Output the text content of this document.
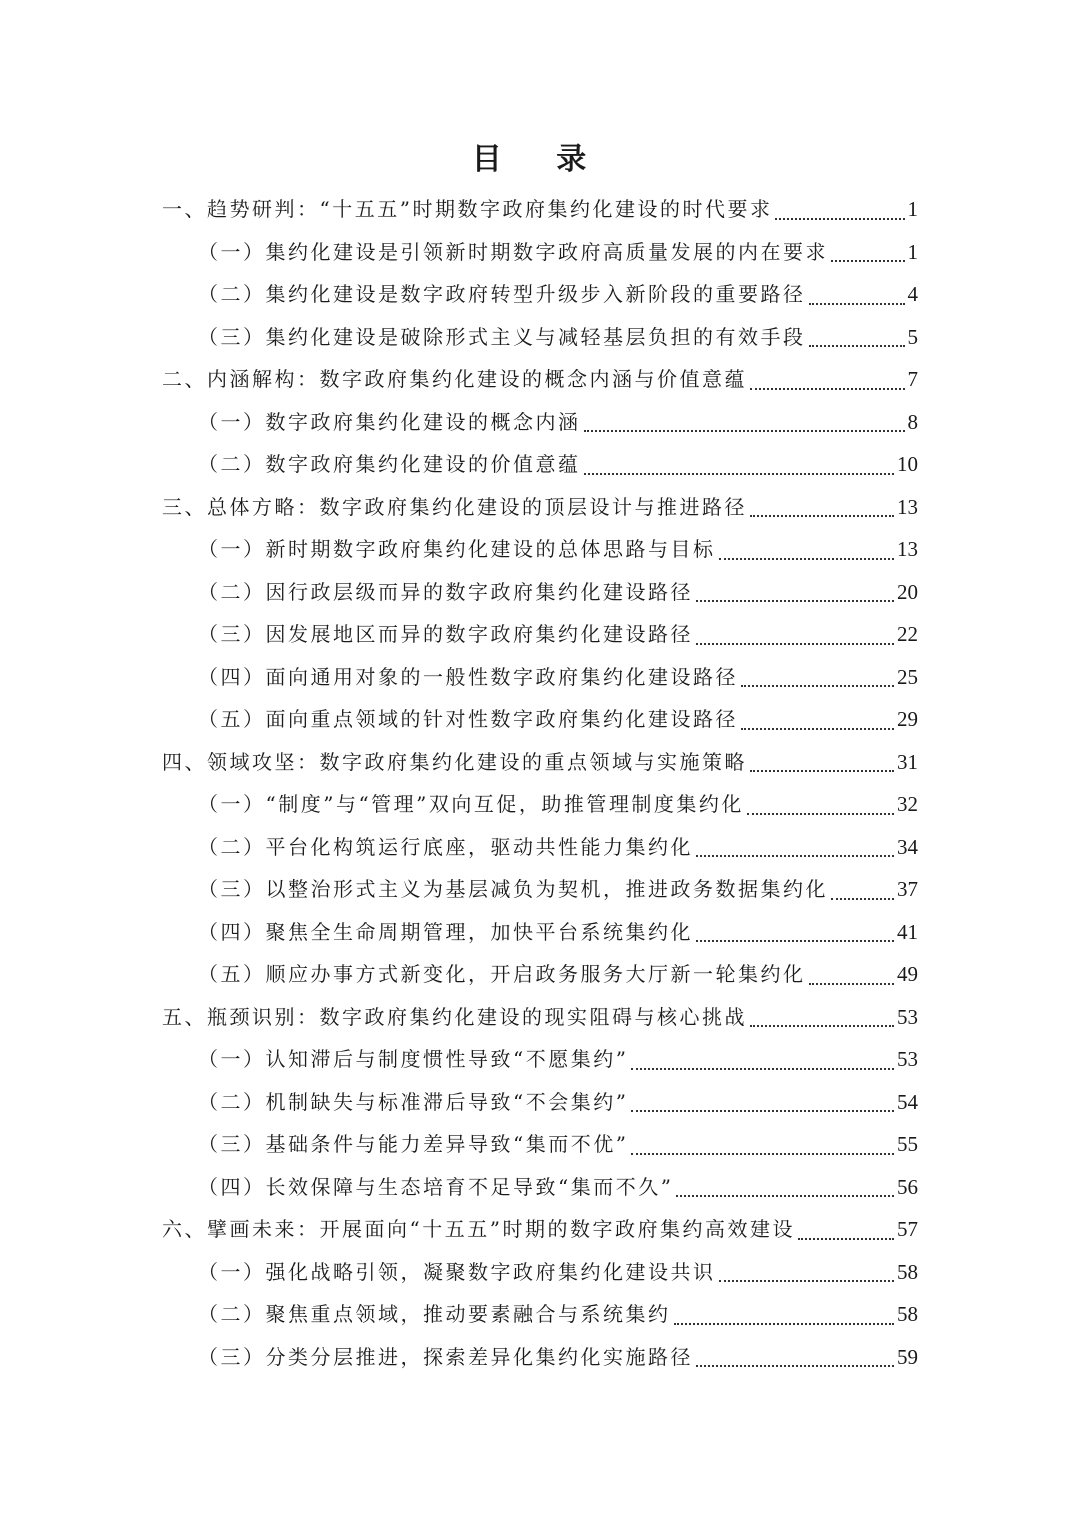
目 录
一、趋势研判：“十五五”时期数字政府集约化建设的时代要求	1
（一）集约化建设是引领新时期数字政府高质量发展的内在要求	1
（二）集约化建设是数字政府转型升级步入新阶段的重要路径	4
（三）集约化建设是破除形式主义与减轻基层负担的有效手段	5
二、内涵解构：数字政府集约化建设的概念内涵与价值意蕴	7
（一）数字政府集约化建设的概念内涵	8
（二）数字政府集约化建设的价值意蕴	10
三、总体方略：数字政府集约化建设的顶层设计与推进路径	13
（一）新时期数字政府集约化建设的总体思路与目标	13
（二）因行政层级而异的数字政府集约化建设路径	20
（三）因发展地区而异的数字政府集约化建设路径	22
（四）面向通用对象的一般性数字政府集约化建设路径	25
（五）面向重点领域的针对性数字政府集约化建设路径	29
四、领域攻坚：数字政府集约化建设的重点领域与实施策略	31
（一）“制度”与“管理”双向互促，助推管理制度集约化	32
（二）平台化构筑运行底座，驱动共性能力集约化	34
（三）以整治形式主义为基层减负为契机，推进政务数据集约化	37
（四）聚焦全生命周期管理，加快平台系统集约化	41
（五）顺应办事方式新变化，开启政务服务大厅新一轮集约化	49
五、瓶颈识别：数字政府集约化建设的现实阻碍与核心挑战	53
（一）认知滞后与制度惯性导致“不愿集约”	53
（二）机制缺失与标准滞后导致“不会集约”	54
（三）基础条件与能力差异导致“集而不优”	55
（四）长效保障与生态培育不足导致“集而不久”	56
六、擘画未来：开展面向“十五五”时期的数字政府集约高效建设	57
（一）强化战略引领，凝聚数字政府集约化建设共识	58
（二）聚焦重点领域，推动要素融合与系统集约	58
（三）分类分层推进，探索差异化集约化实施路径	59
